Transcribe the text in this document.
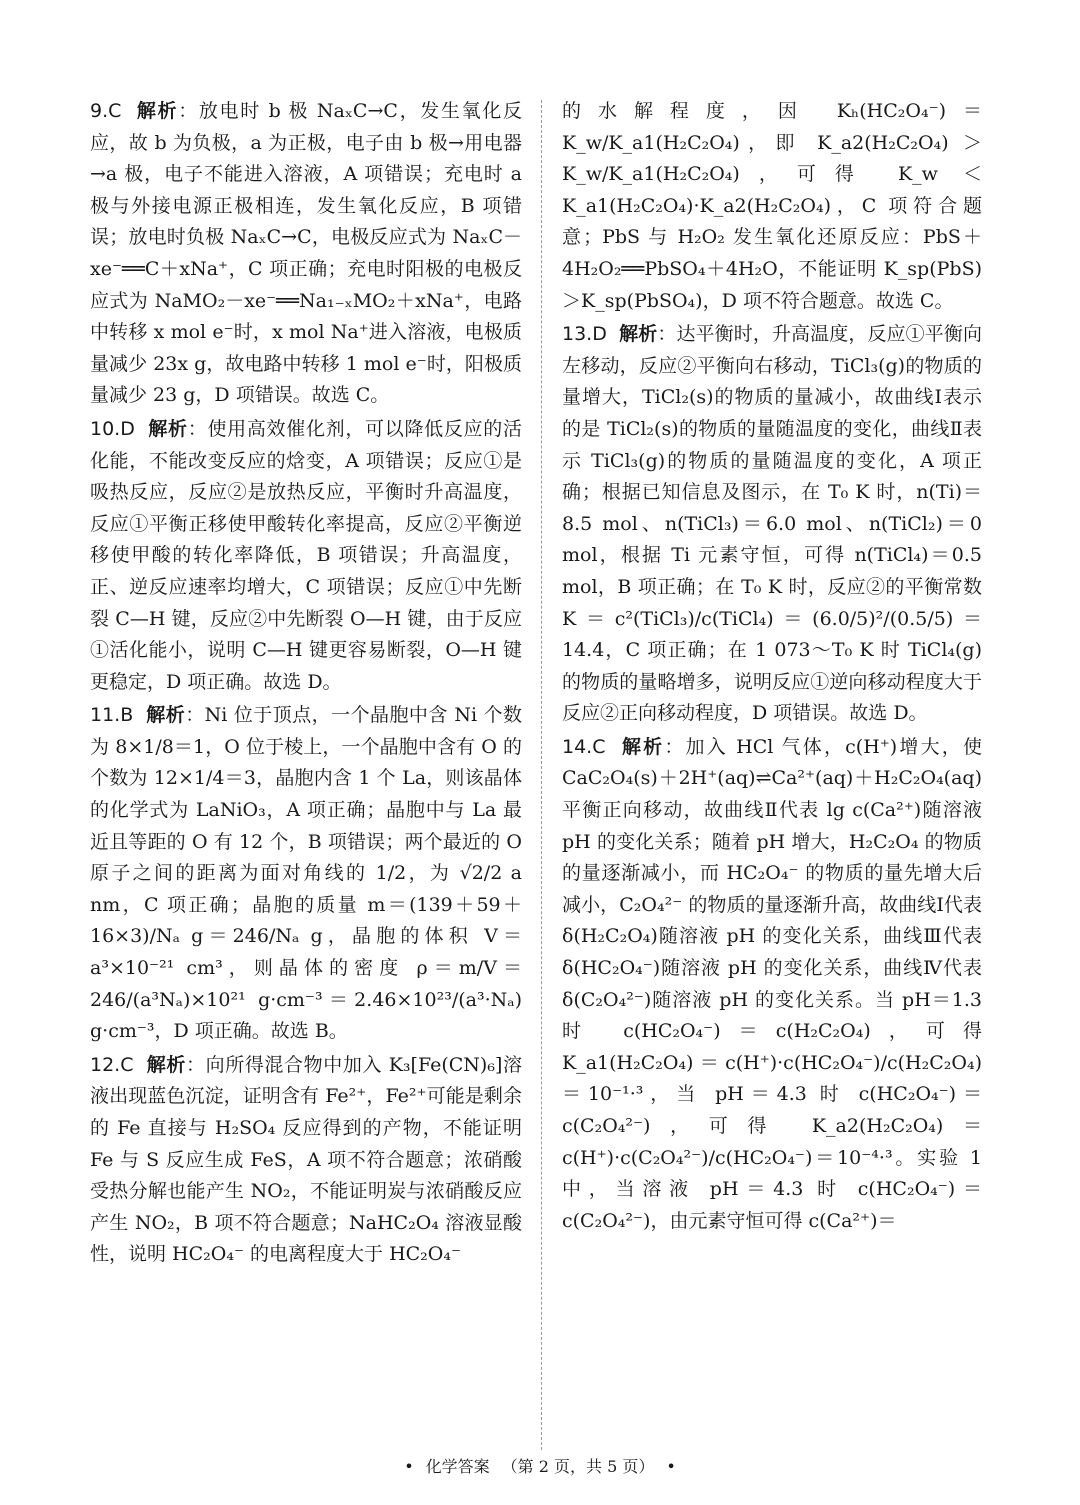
9.C 解析：放电时 b 极 NaₓC→C，发生氧化反应，故 b 为负极，a 为正极，电子由 b 极→用电器→a 极，电子不能进入溶液，A 项错误；充电时 a 极与外接电源正极相连，发生氧化反应，B 项错误；放电时负极 NaₓC→C，电极反应式为 NaₓC－xe⁻══C＋xNa⁺，C 项正确；充电时阳极的电极反应式为 NaMO₂－xe⁻══Na₁₋ₓMO₂＋xNa⁺，电路中转移 x mol e⁻时，x mol Na⁺进入溶液，电极质量减少 23x g，故电路中转移 1 mol e⁻时，阳极质量减少 23 g，D 项错误。故选 C。

10.D 解析：使用高效催化剂，可以降低反应的活化能，不能改变反应的焓变，A 项错误；反应①是吸热反应，反应②是放热反应，平衡时升高温度，反应①平衡正移使甲酸转化率提高，反应②平衡逆移使甲酸的转化率降低，B 项错误；升高温度，正、逆反应速率均增大，C 项错误；反应①中先断裂 C—H 键，反应②中先断裂 O—H 键，由于反应①活化能小，说明 C—H 键更容易断裂，O—H 键更稳定，D 项正确。故选 D。

11.B 解析：Ni 位于顶点，一个晶胞中含 Ni 个数为 8×1/8＝1，O 位于棱上，一个晶胞中含有 O 的个数为 12×1/4＝3，晶胞内含 1 个 La，则该晶体的化学式为 LaNiO₃，A 项正确；晶胞中与 La 最近且等距的 O 有 12 个，B 项错误；两个最近的 O 原子之间的距离为面对角线的 1/2，为 √2/2 a nm，C 项正确；晶胞的质量 m＝(139＋59＋16×3)/Nₐ g＝246/Nₐ g，晶胞的体积 V＝a³×10⁻²¹ cm³，则晶体的密度 ρ＝m/V＝246/(a³Nₐ)×10²¹ g·cm⁻³＝2.46×10²³/(a³·Nₐ) g·cm⁻³，D 项正确。故选 B。

12.C 解析：向所得混合物中加入 K₃[Fe(CN)₆]溶液出现蓝色沉淀，证明含有 Fe²⁺，Fe²⁺可能是剩余的 Fe 直接与 H₂SO₄ 反应得到的产物，不能证明 Fe 与 S 反应生成 FeS，A 项不符合题意；浓硝酸受热分解也能产生 NO₂，不能证明炭与浓硝酸反应产生 NO₂，B 项不符合题意；NaHC₂O₄ 溶液显酸性，说明 HC₂O₄⁻ 的电离程度大于 HC₂O₄⁻

的水解程度，因 Kₕ(HC₂O₄⁻)＝K_w/K_a1(H₂C₂O₄)，即 K_a2(H₂C₂O₄) ＞ K_w/K_a1(H₂C₂O₄)，可得 K_w ＜ K_a1(H₂C₂O₄)·K_a2(H₂C₂O₄)，C 项符合题意；PbS 与 H₂O₂ 发生氧化还原反应：PbS＋4H₂O₂══PbSO₄＋4H₂O，不能证明 K_sp(PbS)＞K_sp(PbSO₄)，D 项不符合题意。故选 C。

13.D 解析：达平衡时，升高温度，反应①平衡向左移动，反应②平衡向右移动，TiCl₃(g)的物质的量增大，TiCl₂(s)的物质的量减小，故曲线Ⅰ表示的是 TiCl₂(s)的物质的量随温度的变化，曲线Ⅱ表示 TiCl₃(g)的物质的量随温度的变化，A 项正确；根据已知信息及图示，在 T₀ K 时，n(Ti)＝8.5 mol、n(TiCl₃)＝6.0 mol、n(TiCl₂)＝0 mol，根据 Ti 元素守恒，可得 n(TiCl₄)＝0.5 mol，B 项正确；在 T₀ K 时，反应②的平衡常数 K＝c²(TiCl₃)/c(TiCl₄)＝(6.0/5)²/(0.5/5)＝14.4，C 项正确；在 1 073～T₀ K 时 TiCl₄(g)的物质的量略增多，说明反应①逆向移动程度大于反应②正向移动程度，D 项错误。故选 D。

14.C 解析：加入 HCl 气体，c(H⁺)增大，使 CaC₂O₄(s)＋2H⁺(aq)⇌Ca²⁺(aq)＋H₂C₂O₄(aq)平衡正向移动，故曲线Ⅱ代表 lg c(Ca²⁺)随溶液 pH 的变化关系；随着 pH 增大，H₂C₂O₄ 的物质的量逐渐减小，而 HC₂O₄⁻ 的物质的量先增大后减小，C₂O₄²⁻ 的物质的量逐渐升高，故曲线Ⅰ代表 δ(H₂C₂O₄)随溶液 pH 的变化关系，曲线Ⅲ代表 δ(HC₂O₄⁻)随溶液 pH 的变化关系，曲线Ⅳ代表 δ(C₂O₄²⁻)随溶液 pH 的变化关系。当 pH＝1.3 时 c(HC₂O₄⁻)＝c(H₂C₂O₄)，可得 K_a1(H₂C₂O₄)＝c(H⁺)·c(HC₂O₄⁻)/c(H₂C₂O₄)＝10⁻¹·³，当 pH＝4.3 时 c(HC₂O₄⁻)＝c(C₂O₄²⁻)，可得 K_a2(H₂C₂O₄)＝c(H⁺)·c(C₂O₄²⁻)/c(HC₂O₄⁻)＝10⁻⁴·³。实验 1 中，当溶液 pH＝4.3 时 c(HC₂O₄⁻)＝c(C₂O₄²⁻)，由元素守恒可得 c(Ca²⁺)＝

• 化学答案 （第 2 页，共 5 页） •
